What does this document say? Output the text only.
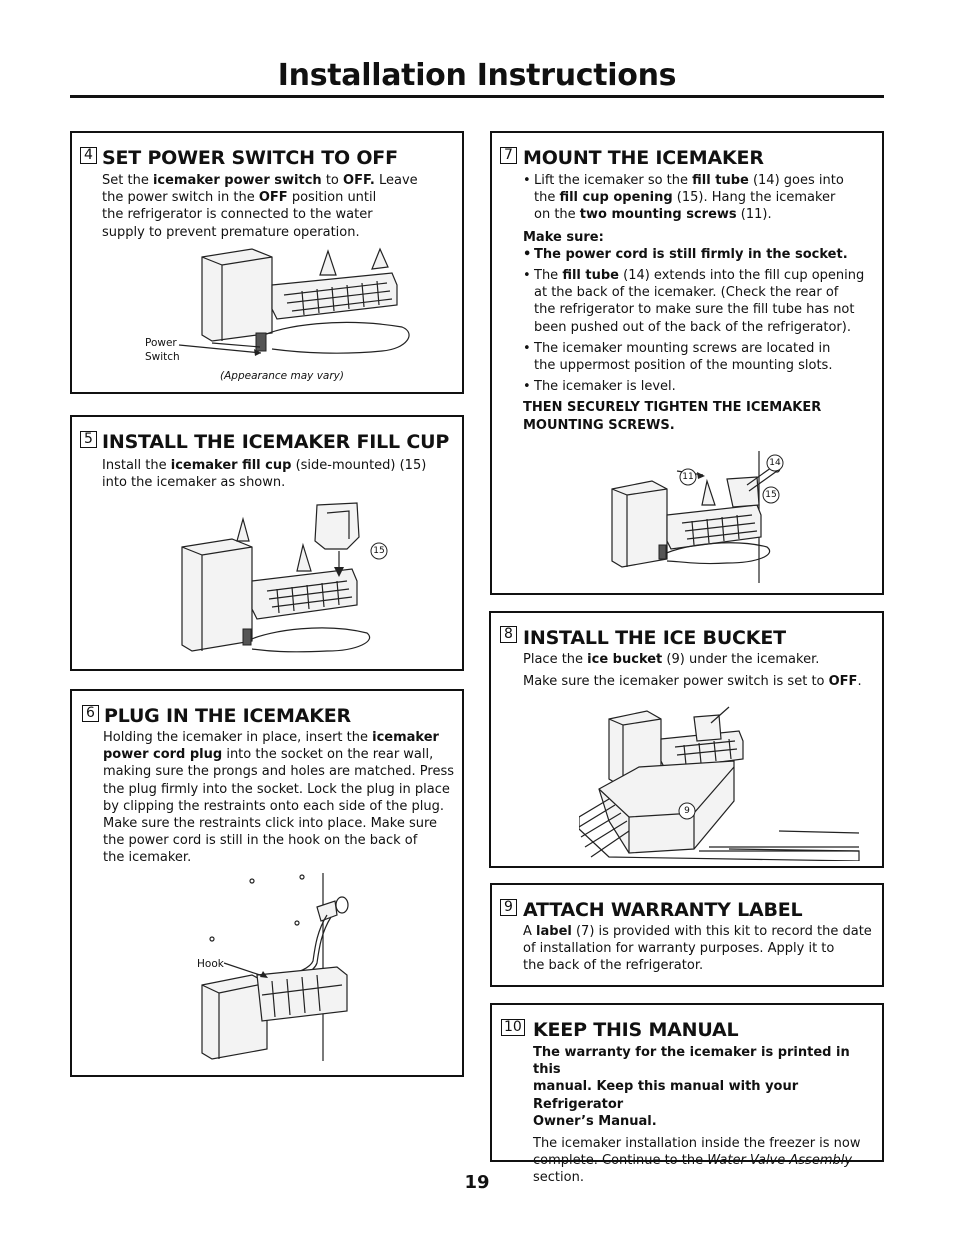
Installation Instructions
4 SET POWER SWITCH TO OFF

Set the icemaker power switch to OFF. Leave

the power switch in the OFF position until

the refrigerator is connected to the water

supply to prevent premature operation.

Power
Switch
(Appearance may vary)
5 INSTALL THE ICEMAKER FILL CUP

Install the icemaker fill cup (side-mounted) (15)

into the icemaker as shown.

15
6 PLUG IN THE ICEMAKER

Holding the icemaker in place, insert the icemaker

power cord plug into the socket on the rear wall,

making sure the prongs and holes are matched. Press

the plug firmly into the socket. Lock the plug in place

by clipping the restraints onto each side of the plug.

Make sure the restraints click into place. Make sure

the power cord is still in the hook on the back of

the icemaker.

Hook
7 MOUNT THE ICEMAKER
• Lift the icemaker so the fill tube (14) goes into
the fill cup opening (15). Hang the icemaker
on the two mounting screws (11).

Make sure:

• The power cord is still firmly in the socket.
• The fill tube (14) extends into the fill cup opening
at the back of the icemaker. (Check the rear of
the refrigerator to make sure the fill tube has not
been pushed out of the back of the refrigerator).
• The icemaker mounting screws are located in
the uppermost position of the mounting slots.
• The icemaker is level.

THEN SECURELY TIGHTEN THE ICEMAKER

MOUNTING SCREWS.

11
14
15
8 INSTALL THE ICE BUCKET

Place the ice bucket (9) under the icemaker.

Make sure the icemaker power switch is set to OFF.

9
9 ATTACH WARRANTY LABEL

A label (7) is provided with this kit to record the date

of installation for warranty purposes. Apply it to

the back of the refrigerator.

10 KEEP THIS MANUAL

The warranty for the icemaker is printed in this

manual. Keep this manual with your Refrigerator

Owner’s Manual.

The icemaker installation inside the freezer is now

complete. Continue to the Water Valve Assembly

section.

19
